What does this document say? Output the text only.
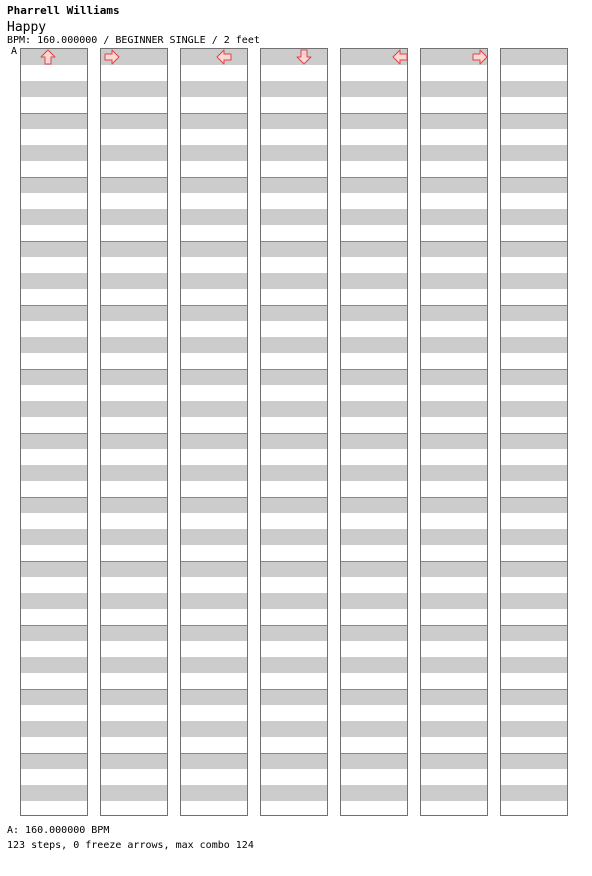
Pharrell Williams
Happy
BPM: 160.000000 / BEGINNER SINGLE / 2 feet
A
A: 160.000000 BPM
123 steps, 0 freeze arrows, max combo 124
